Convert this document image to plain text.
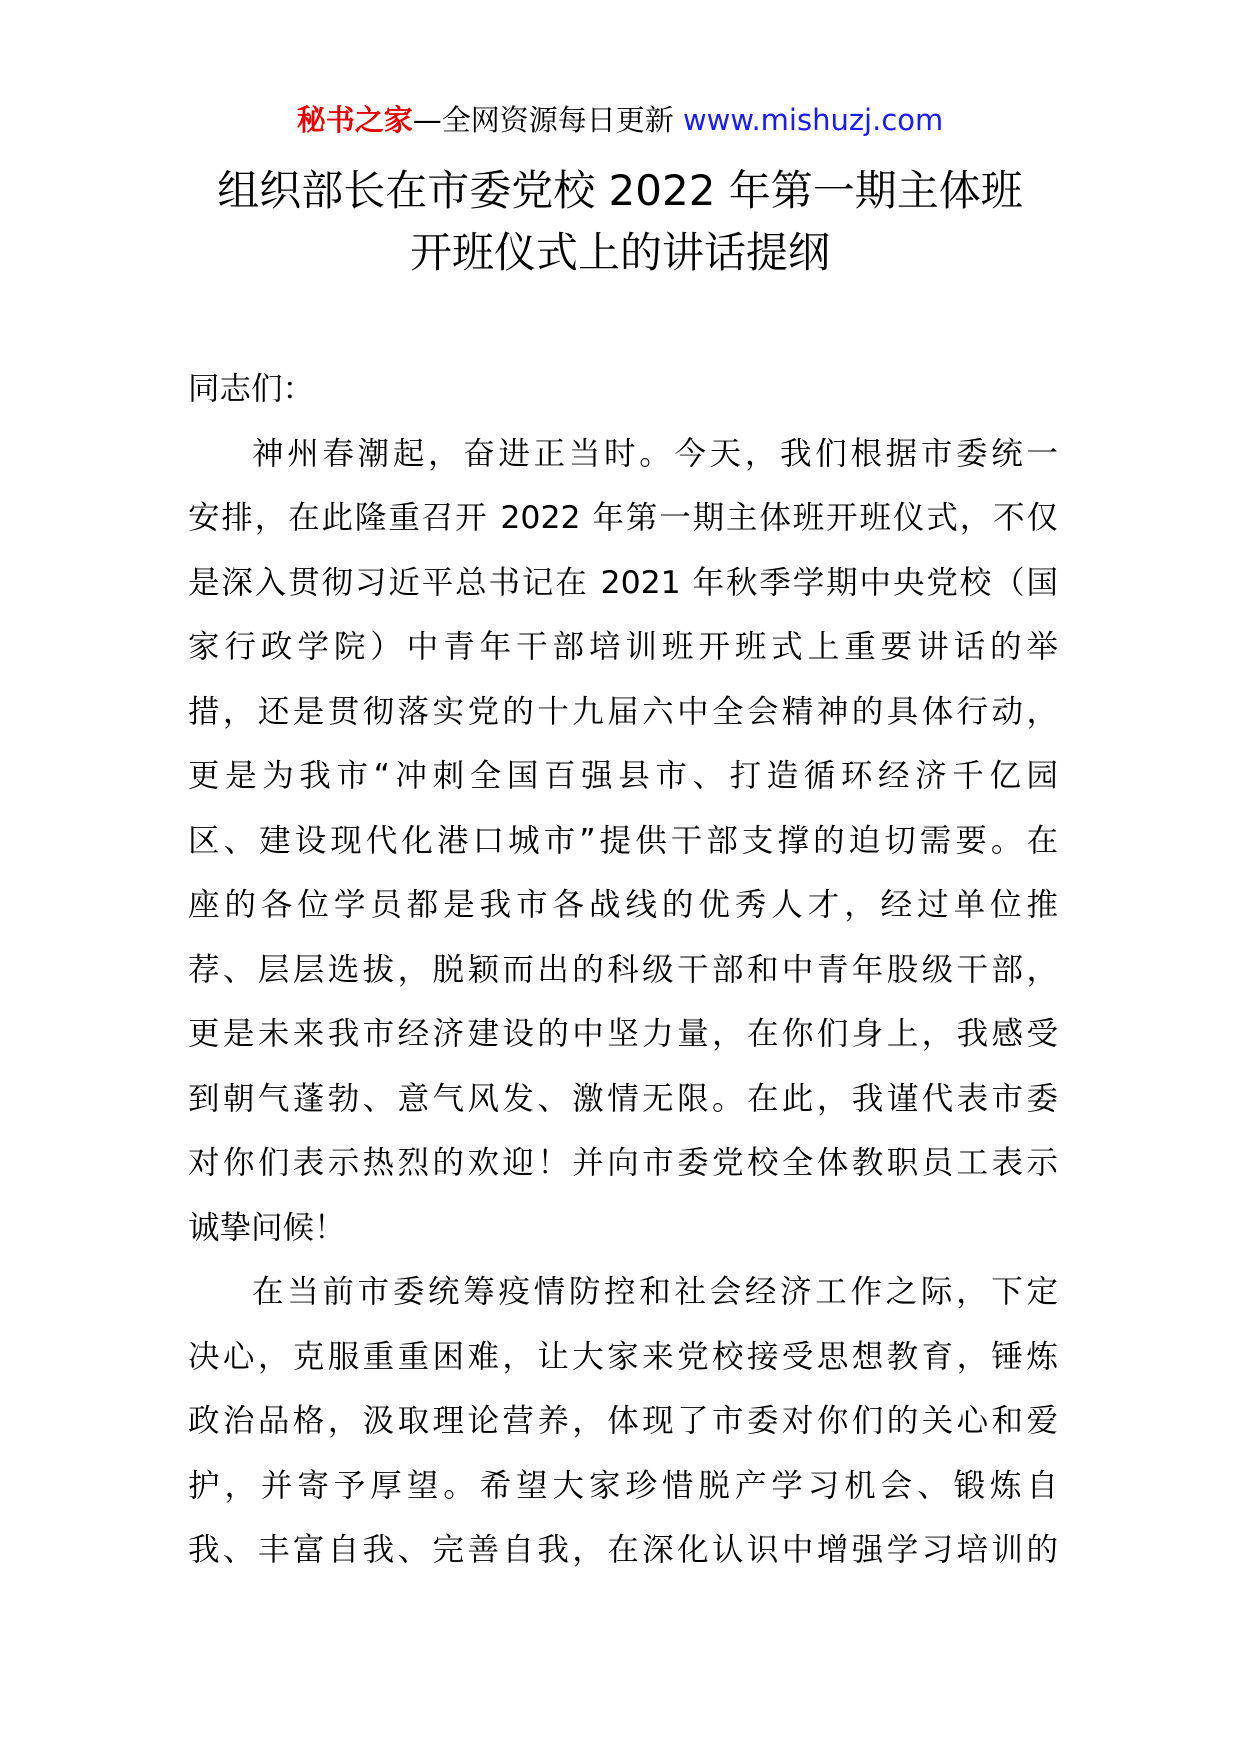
秘书之家—全网资源每日更新 www.mishuzj.com
组织部长在市委党校 2022 年第一期主体班
开班仪式上的讲话提纲

同志们：

神州春潮起，奋进正当时。今天，我们根据市委统一
安排，在此隆重召开 2022 年第一期主体班开班仪式，不仅
是深入贯彻习近平总书记在 2021 年秋季学期中央党校（国
家行政学院）中青年干部培训班开班式上重要讲话的举
措，还是贯彻落实党的十九届六中全会精神的具体行动，
更是为我市“冲刺全国百强县市、打造循环经济千亿园
区、建设现代化港口城市”提供干部支撑的迫切需要。在
座的各位学员都是我市各战线的优秀人才，经过单位推
荐、层层选拔，脱颖而出的科级干部和中青年股级干部，
更是未来我市经济建设的中坚力量，在你们身上，我感受
到朝气蓬勃、意气风发、激情无限。在此，我谨代表市委
对你们表示热烈的欢迎！并向市委党校全体教职员工表示
诚挚问候！

在当前市委统筹疫情防控和社会经济工作之际，下定
决心，克服重重困难，让大家来党校接受思想教育，锤炼
政治品格，汲取理论营养，体现了市委对你们的关心和爱
护，并寄予厚望。希望大家珍惜脱产学习机会、锻炼自
我、丰富自我、完善自我，在深化认识中增强学习培训的
